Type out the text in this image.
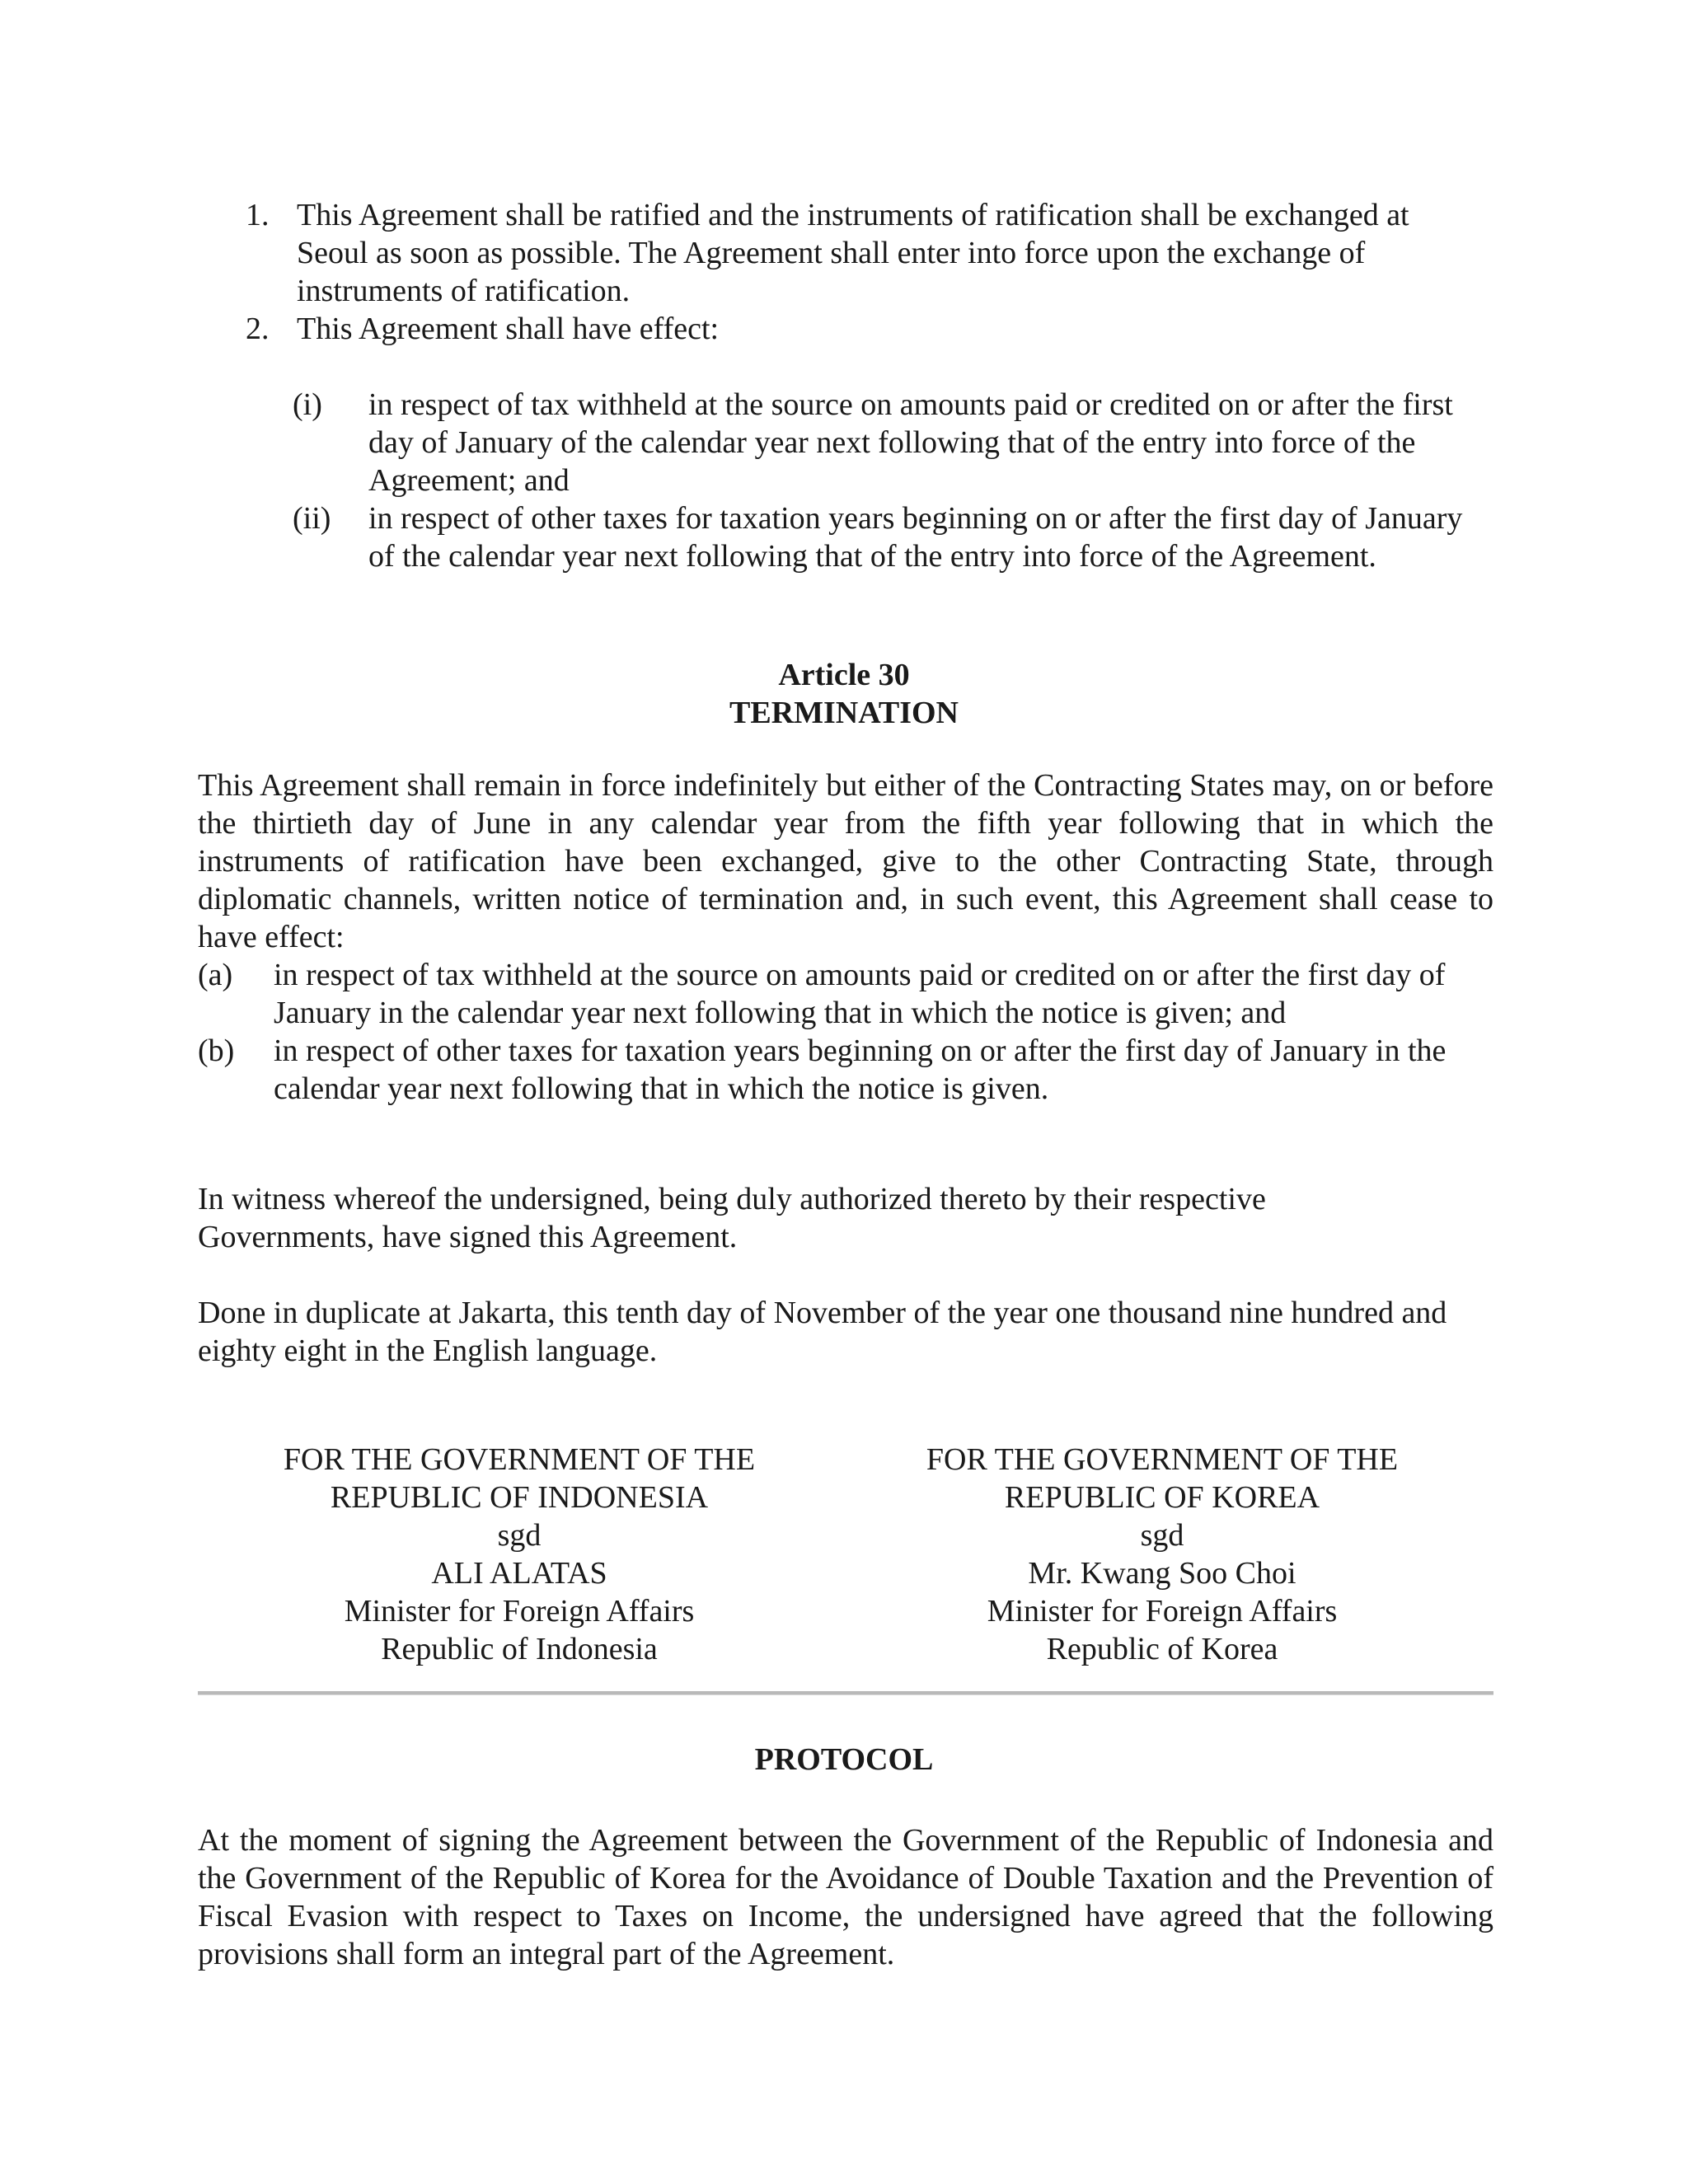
1. This Agreement shall be ratified and the instruments of ratification shall be exchanged at Seoul as soon as possible. The Agreement shall enter into force upon the exchange of instruments of ratification.
2. This Agreement shall have effect:
(i) in respect of tax withheld at the source on amounts paid or credited on or after the first day of January of the calendar year next following that of the entry into force of the Agreement; and
(ii) in respect of other taxes for taxation years beginning on or after the first day of January of the calendar year next following that of the entry into force of the Agreement.
Article 30
TERMINATION
This Agreement shall remain in force indefinitely but either of the Contracting States may, on or before the thirtieth day of June in any calendar year from the fifth year following that in which the instruments of ratification have been exchanged, give to the other Contracting State, through diplomatic channels, written notice of termination and, in such event, this Agreement shall cease to have effect:
(a) in respect of tax withheld at the source on amounts paid or credited on or after the first day of January in the calendar year next following that in which the notice is given; and
(b) in respect of other taxes for taxation years beginning on or after the first day of January in the calendar year next following that in which the notice is given.
In witness whereof the undersigned, being duly authorized thereto by their respective Governments, have signed this Agreement.
Done in duplicate at Jakarta, this tenth day of November of the year one thousand nine hundred and eighty eight in the English language.
FOR THE GOVERNMENT OF THE
REPUBLIC OF INDONESIA
sgd
ALI ALATAS
Minister for Foreign Affairs
Republic of Indonesia
FOR THE GOVERNMENT OF THE
REPUBLIC OF KOREA
sgd
Mr. Kwang Soo Choi
Minister for Foreign Affairs
Republic of Korea
PROTOCOL
At the moment of signing the Agreement between the Government of the Republic of Indonesia and the Government of the Republic of Korea for the Avoidance of Double Taxation and the Prevention of Fiscal Evasion with respect to Taxes on Income, the undersigned have agreed that the following provisions shall form an integral part of the Agreement.
